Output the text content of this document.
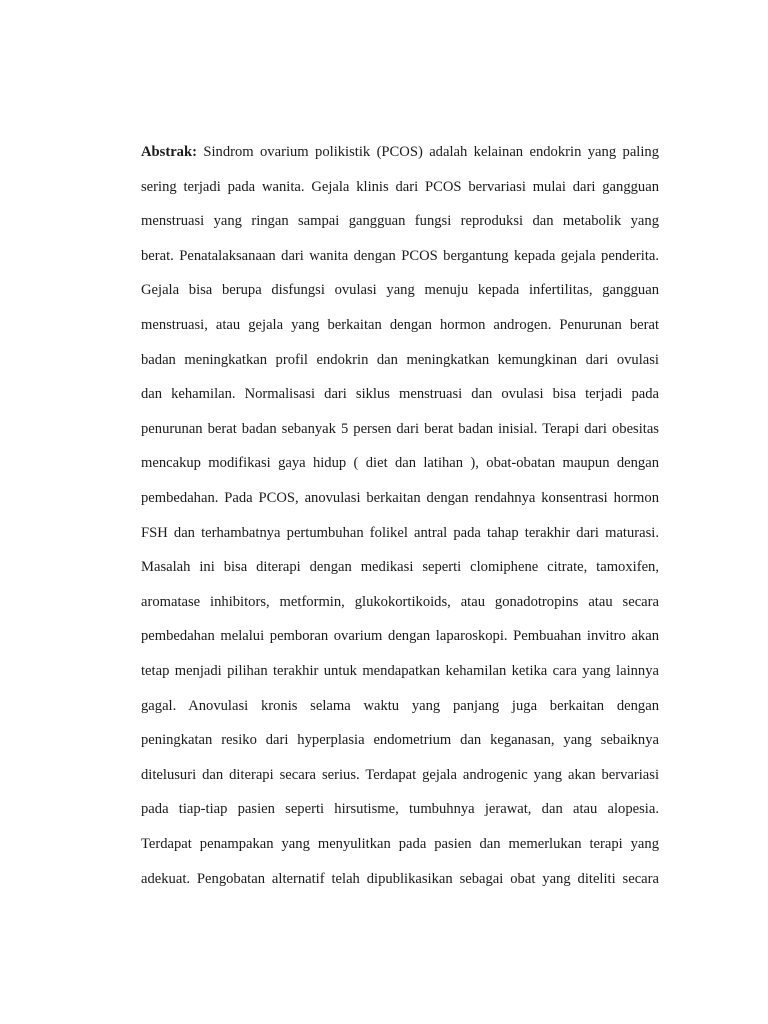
Abstrak: Sindrom ovarium polikistik (PCOS) adalah kelainan endokrin yang paling
sering terjadi pada wanita. Gejala klinis dari PCOS bervariasi mulai dari gangguan
menstruasi yang ringan sampai gangguan fungsi reproduksi dan metabolik yang
berat. Penatalaksanaan dari wanita dengan PCOS bergantung kepada gejala penderita.
Gejala bisa berupa disfungsi ovulasi yang menuju kepada infertilitas, gangguan
menstruasi, atau gejala yang berkaitan dengan hormon androgen. Penurunan berat
badan meningkatkan profil endokrin dan meningkatkan kemungkinan dari ovulasi
dan kehamilan. Normalisasi dari siklus menstruasi dan ovulasi bisa terjadi pada
penurunan berat badan sebanyak 5 persen dari berat badan inisial. Terapi dari obesitas
mencakup modifikasi gaya hidup ( diet dan latihan ), obat-obatan maupun dengan
pembedahan. Pada PCOS, anovulasi berkaitan dengan rendahnya konsentrasi hormon
FSH dan terhambatnya pertumbuhan folikel antral pada tahap terakhir dari maturasi.
Masalah ini bisa diterapi dengan medikasi seperti clomiphene citrate, tamoxifen,
aromatase inhibitors, metformin, glukokortikoids, atau gonadotropins atau secara
pembedahan melalui pemboran ovarium dengan laparoskopi. Pembuahan invitro akan
tetap menjadi pilihan terakhir untuk mendapatkan kehamilan ketika cara yang lainnya
gagal. Anovulasi kronis selama waktu yang panjang juga berkaitan dengan
peningkatan resiko dari hyperplasia endometrium dan keganasan, yang sebaiknya
ditelusuri dan diterapi secara serius. Terdapat gejala androgenic yang akan bervariasi
pada tiap-tiap pasien seperti hirsutisme, tumbuhnya jerawat, dan atau alopesia.
Terdapat penampakan yang menyulitkan pada pasien dan memerlukan terapi yang
adekuat. Pengobatan alternatif telah dipublikasikan sebagai obat yang diteliti secara
